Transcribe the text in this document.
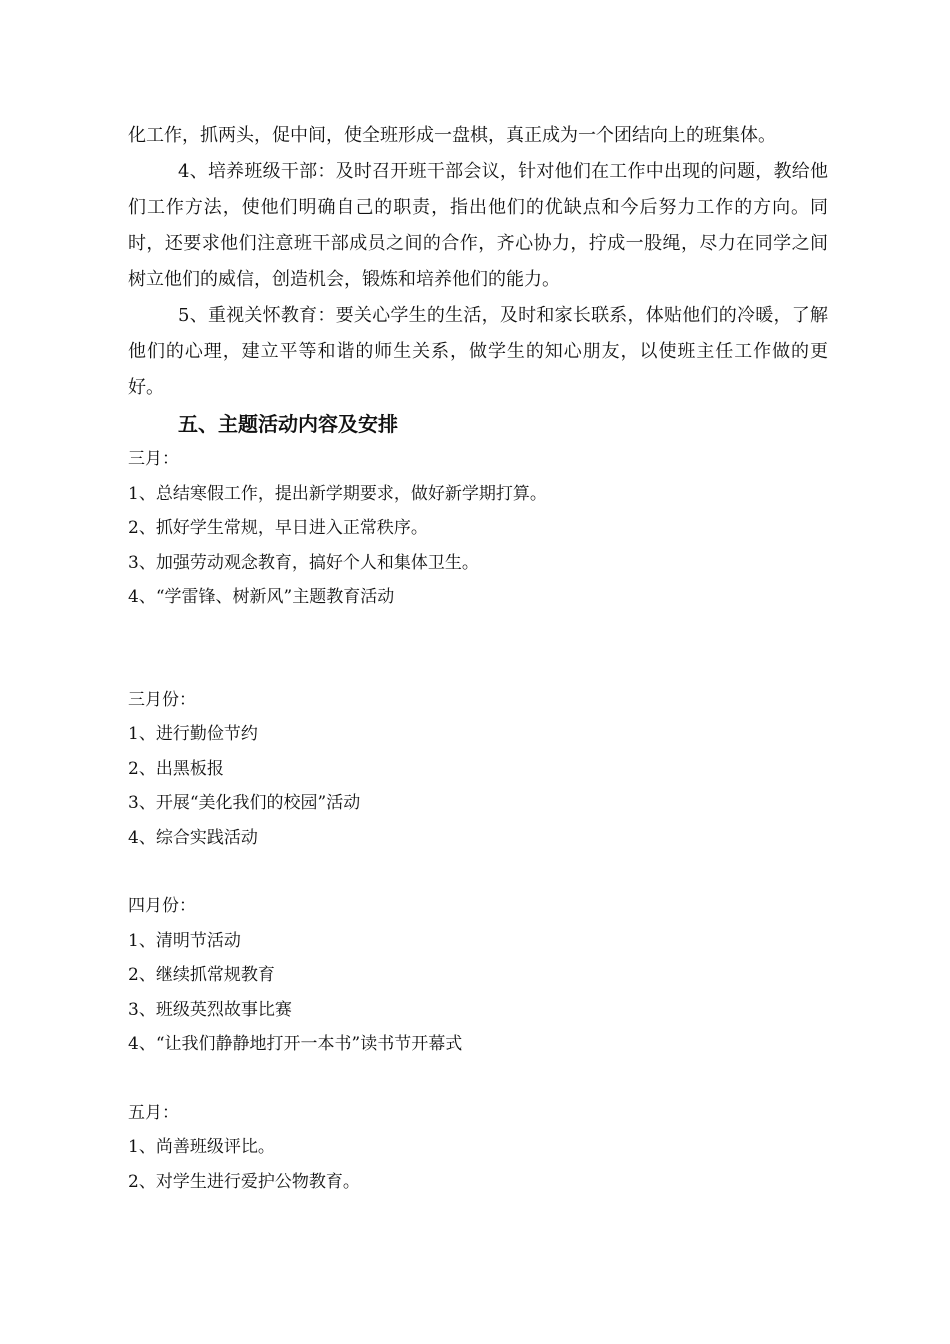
化工作，抓两头，促中间，使全班形成一盘棋，真正成为一个团结向上的班集体。

4、培养班级干部：及时召开班干部会议，针对他们在工作中出现的问题，教给他们工作方法，使他们明确自己的职责，指出他们的优缺点和今后努力工作的方向。同时，还要求他们注意班干部成员之间的合作，齐心协力，拧成一股绳，尽力在同学之间树立他们的威信，创造机会，锻炼和培养他们的能力。

5、重视关怀教育：要关心学生的生活，及时和家长联系，体贴他们的冷暖，了解他们的心理，建立平等和谐的师生关系，做学生的知心朋友，以使班主任工作做的更好。

五、主题活动内容及安排

三月：

1、总结寒假工作，提出新学期要求，做好新学期打算。

2、抓好学生常规，早日进入正常秩序。

3、加强劳动观念教育，搞好个人和集体卫生。

4、“学雷锋、树新风”主题教育活动

三月份：

1、进行勤俭节约

2、出黑板报

3、开展“美化我们的校园”活动

4、综合实践活动

四月份：

1、清明节活动

2、继续抓常规教育

3、班级英烈故事比赛

4、“让我们静静地打开一本书”读书节开幕式

五月：

1、尚善班级评比。

2、对学生进行爱护公物教育。
